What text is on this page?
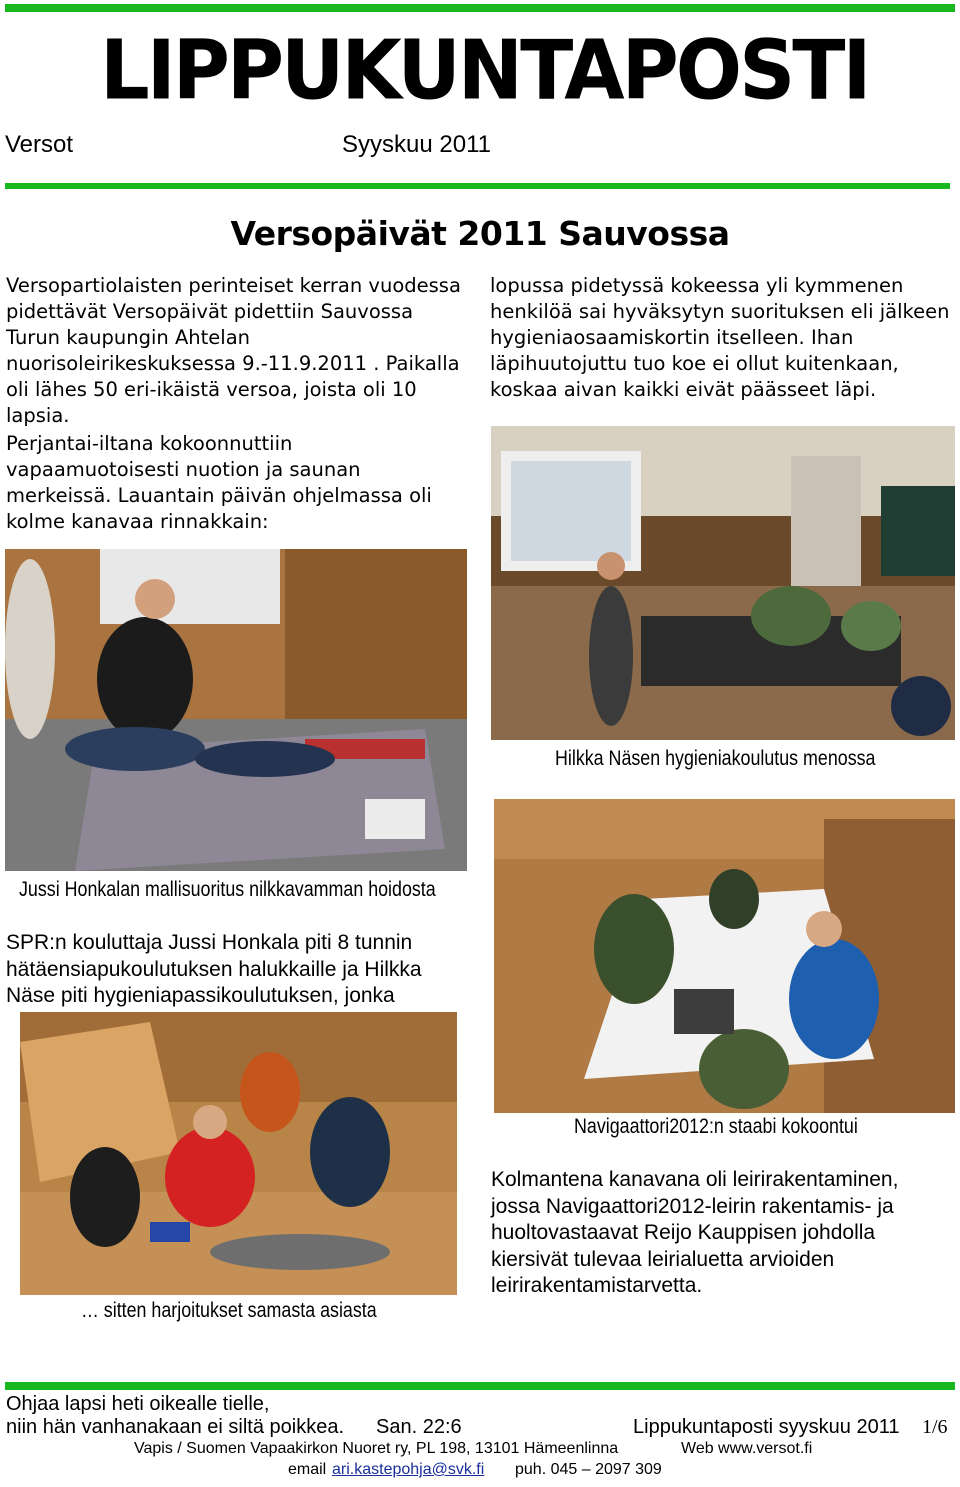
LIPPUKUNTAPOSTI
Versot	Syyskuu 2011
Versopäivät 2011 Sauvossa
Versopartiolaisten perinteiset kerran vuodessa pidettävät Versopäivät pidettiin Sauvossa Turun kaupungin Ahtelan nuorisoleirikeskuksessa 9.-11.9.2011 . Paikalla oli lähes 50 eri-ikäistä versoa, joista oli 10 lapsia.
Perjantai-iltana kokoonnuttiin vapaamuotoisesti nuotion ja saunan merkeissä. Lauantain päivän ohjelmassa oli kolme kanavaa rinnakkain:
lopussa pidetyssä kokeessa yli kymmenen henkilöä sai hyväksytyn suorituksen eli jälkeen hygieniaosaamiskortin itselleen. Ihan läpihuutojuttu tuo koe ei ollut kuitenkaan, koskaa aivan kaikki eivät päässeet läpi.
Hilkka Näsen hygieniakoulutus menossa
Jussi Honkalan mallisuoritus nilkkavamman hoidosta
SPR:n kouluttaja Jussi Honkala piti 8 tunnin hätäensiapukoulutuksen halukkaille ja Hilkka Näse piti hygieniapassikoulutuksen, jonka
Navigaattori2012:n staabi kokoontui
… sitten harjoitukset samasta asiasta
Kolmantena kanavana oli leirirakentaminen, jossa Navigaattori2012-leirin rakentamis- ja huoltovastaavat Reijo Kauppisen johdolla kiersivät tulevaa leirialuetta arvioiden leirirakentamistarvetta.
Ohjaa lapsi heti oikealle tielle,
niin hän vanhanakaan ei siltä poikkea. San. 22:6	Lippukuntaposti syyskuu 2011 1/6
Vapis / Suomen Vapaakirkon Nuoret ry, PL 198, 13101 Hämeenlinna	Web www.versot.fi
email ari.kastepohja@svk.fi puh. 045 – 2097 309
